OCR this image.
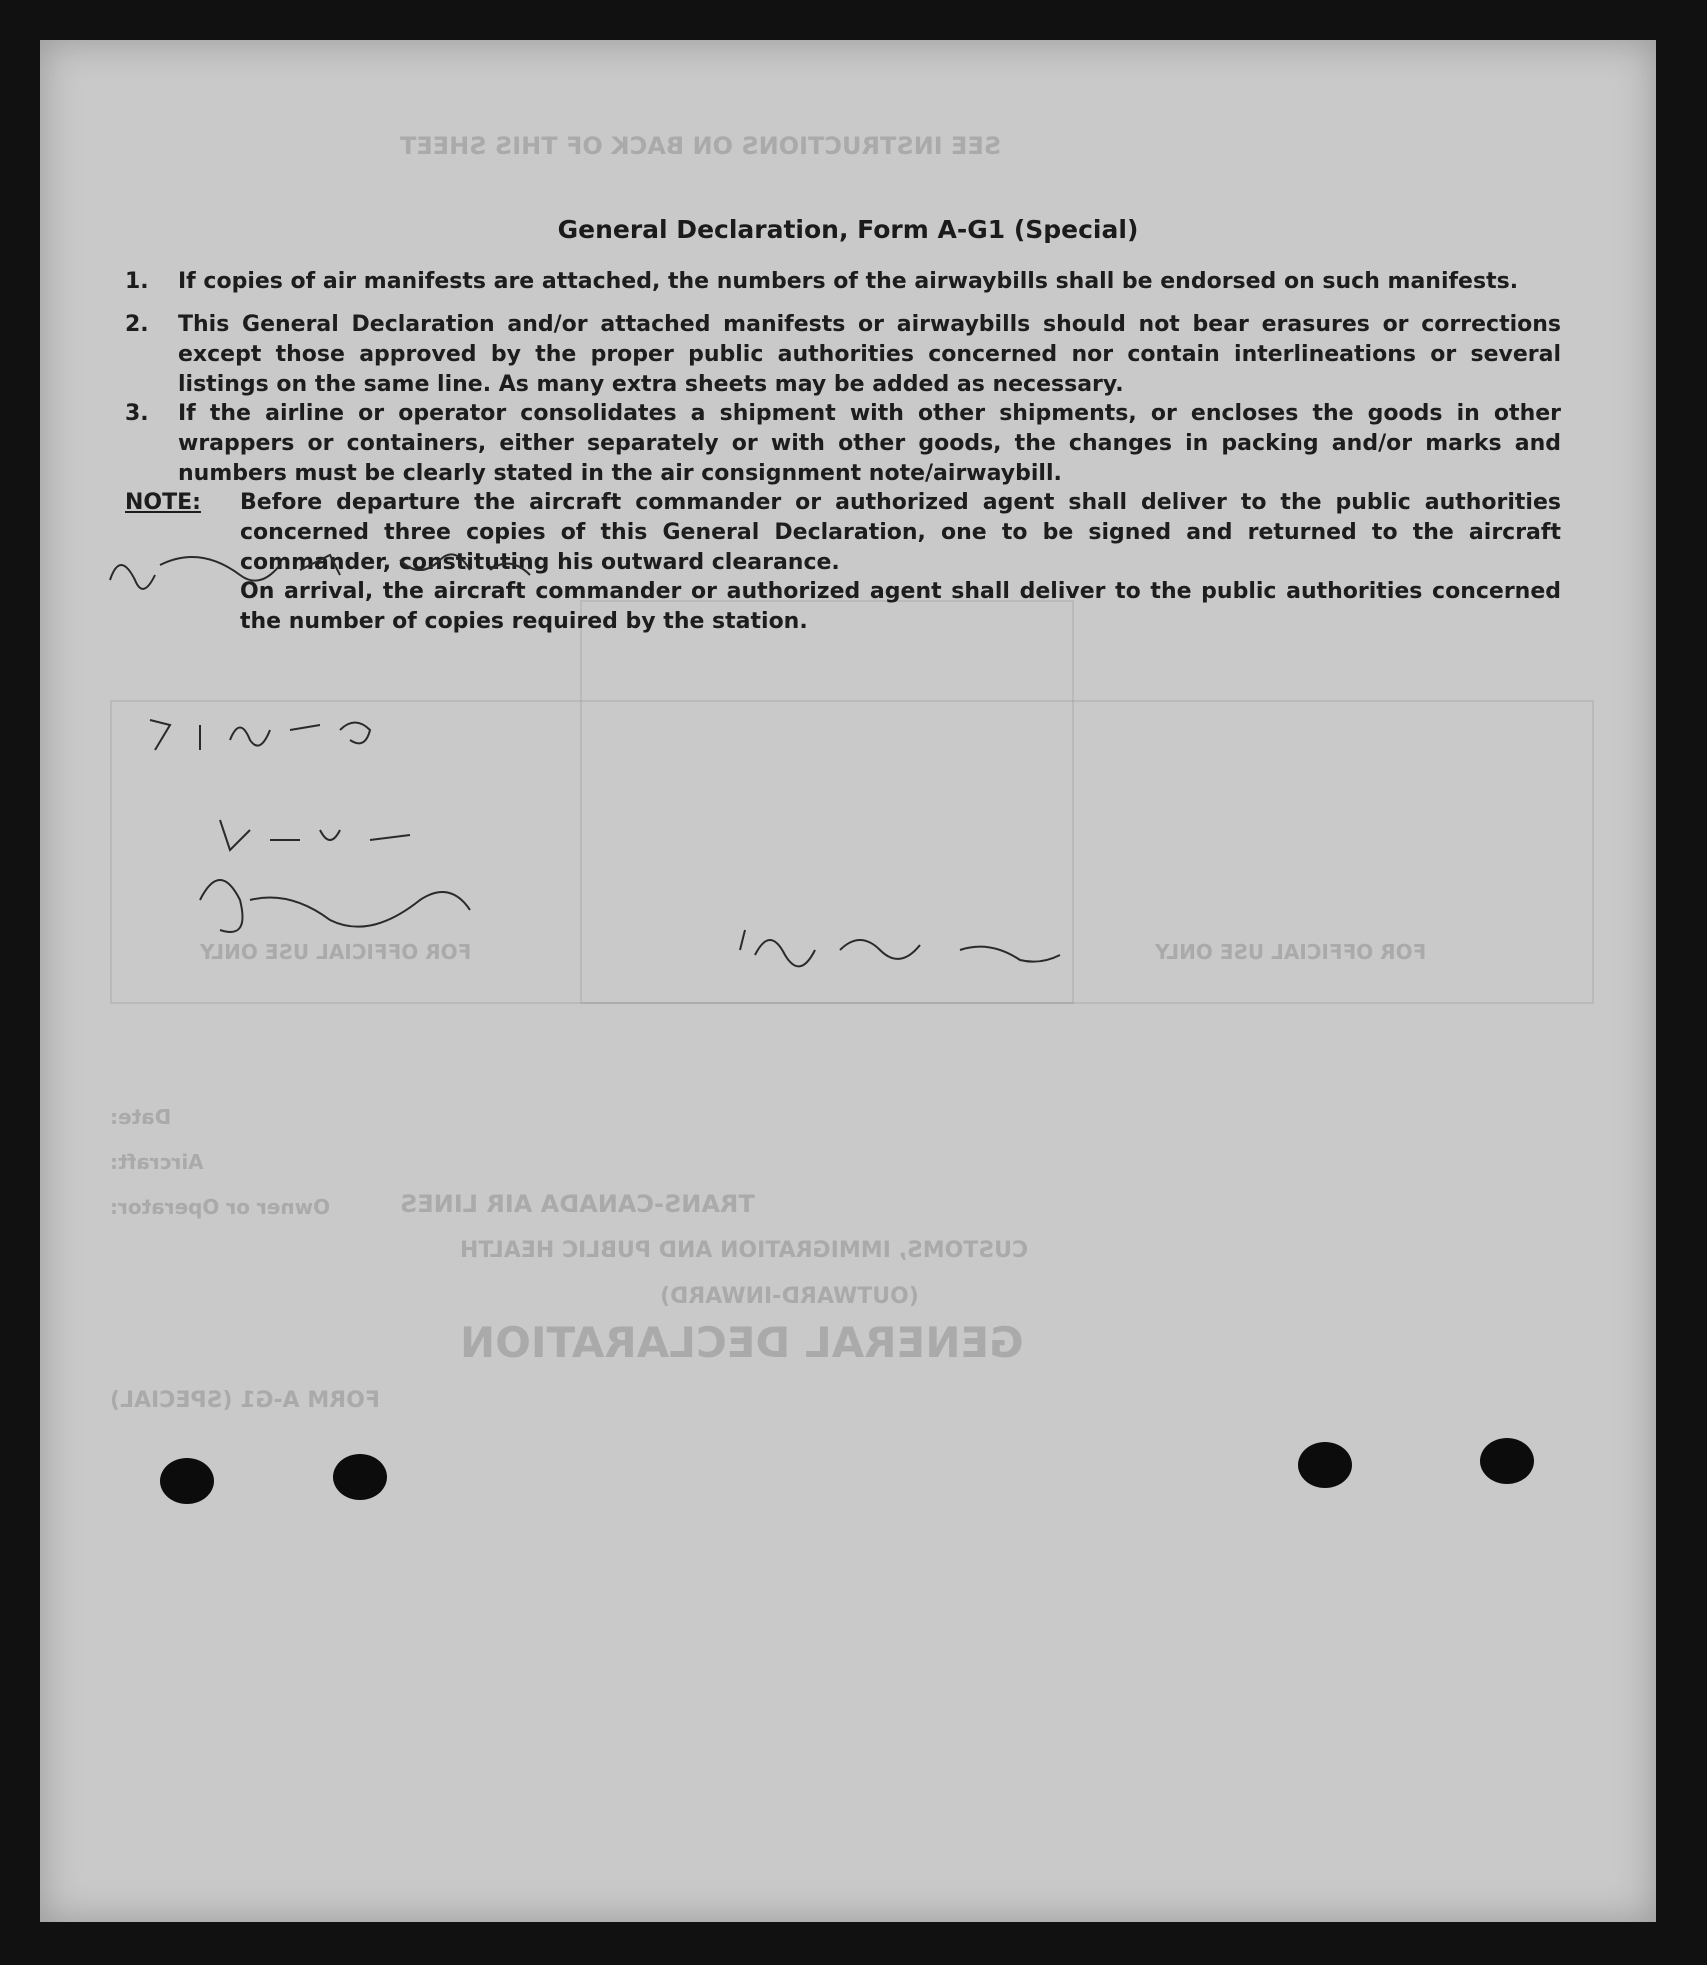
SEE INSTRUCTIONS ON BACK OF THIS SHEET
FOR OFFICIAL USE ONLY	FOR OFFICIAL USE ONLY
Date:
Aircraft:
Owner or Operator:	TRANS-CANADA AIR LINES
CUSTOMS, IMMIGRATION AND PUBLIC HEALTH
(OUTWARD-INWARD)
GENERAL DECLARATION
FORM A-G1 (SPECIAL)
General Declaration, Form A-G1 (Special)
1. If copies of air manifests are attached, the numbers of the airwaybills shall be endorsed on such manifests.
2. This General Declaration and/or attached manifests or airwaybills should not bear erasures or corrections except those approved by the proper public authorities concerned nor contain interlineations or several listings on the same line. As many extra sheets may be added as necessary.
3. If the airline or operator consolidates a shipment with other shipments, or encloses the goods in other wrappers or containers, either separately or with other goods, the changes in packing and/or marks and numbers must be clearly stated in the air consignment note/airwaybill.
NOTE: Before departure the aircraft commander or authorized agent shall deliver to the public authorities concerned three copies of this General Declaration, one to be signed and returned to the aircraft commander, constituting his outward clearance.
On arrival, the aircraft commander or authorized agent shall deliver to the public authorities concerned the number of copies required by the station.
